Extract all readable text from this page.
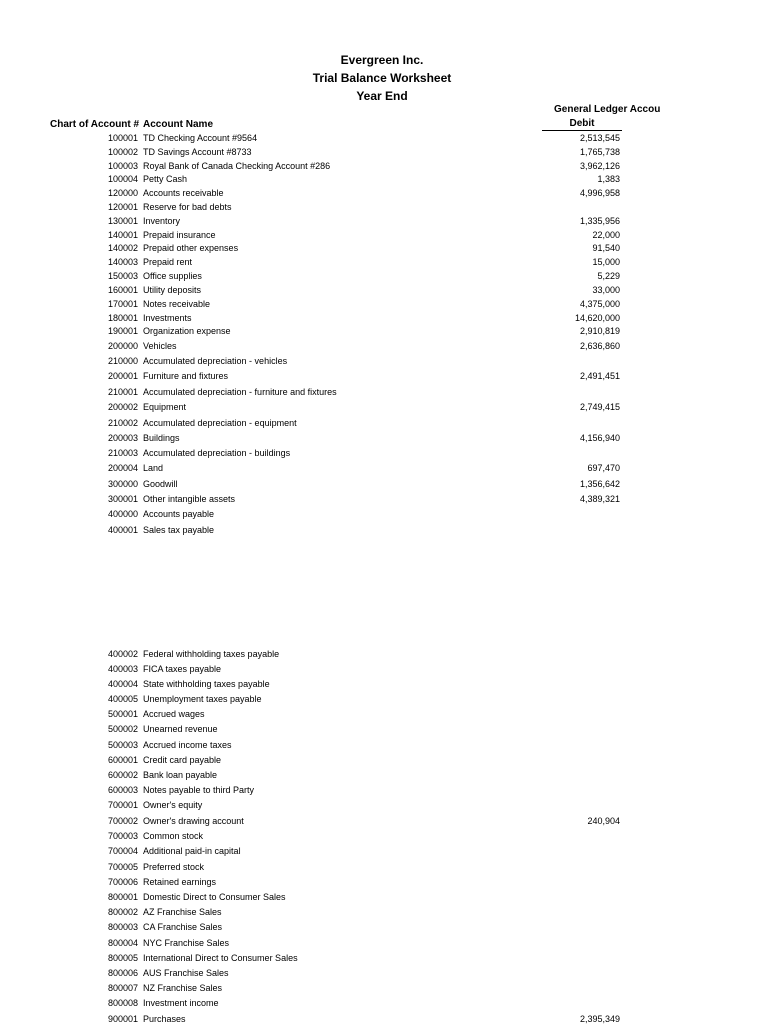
Evergreen Inc.
Trial Balance Worksheet
Year End
Chart of Account # Account Name
General Ledger Accou
Debit
100001 TD Checking Account #9564	2,513,545
100002 TD Savings Account #8733	1,765,738
100003 Royal Bank of Canada Checking Account #286	3,962,126
100004 Petty Cash	1,383
120000 Accounts receivable	4,996,958
120001 Reserve for bad debts
130001 Inventory	1,335,956
140001 Prepaid insurance	22,000
140002 Prepaid other expenses	91,540
140003 Prepaid rent	15,000
150003 Office supplies	5,229
160001 Utility deposits	33,000
170001 Notes receivable	4,375,000
180001 Investments	14,620,000
190001 Organization expense	2,910,819
200000 Vehicles	2,636,860
210000 Accumulated depreciation - vehicles
200001 Furniture and fixtures	2,491,451
210001 Accumulated depreciation - furniture and fixtures
200002 Equipment	2,749,415
210002 Accumulated depreciation - equipment
200003 Buildings	4,156,940
210003 Accumulated depreciation - buildings
200004 Land	697,470
300000 Goodwill	1,356,642
300001 Other intangible assets	4,389,321
400000 Accounts payable
400001 Sales tax payable
400002 Federal withholding taxes payable
400003 FICA taxes payable
400004 State withholding taxes payable
400005 Unemployment taxes payable
500001 Accrued wages
500002 Unearned revenue
500003 Accrued income taxes
600001 Credit card payable
600002 Bank loan payable
600003 Notes payable to third Party
700001 Owner's equity
700002 Owner's drawing account	240,904
700003 Common stock
700004 Additional paid-in capital
700005 Preferred stock
700006 Retained earnings
800001 Domestic Direct to Consumer Sales
800002 AZ Franchise Sales
800003 CA Franchise Sales
800004 NYC Franchise Sales
800005 International Direct to Consumer Sales
800006 AUS Franchise Sales
800007 NZ Franchise Sales
800008 Investment income
900001 Purchases	2,395,349
